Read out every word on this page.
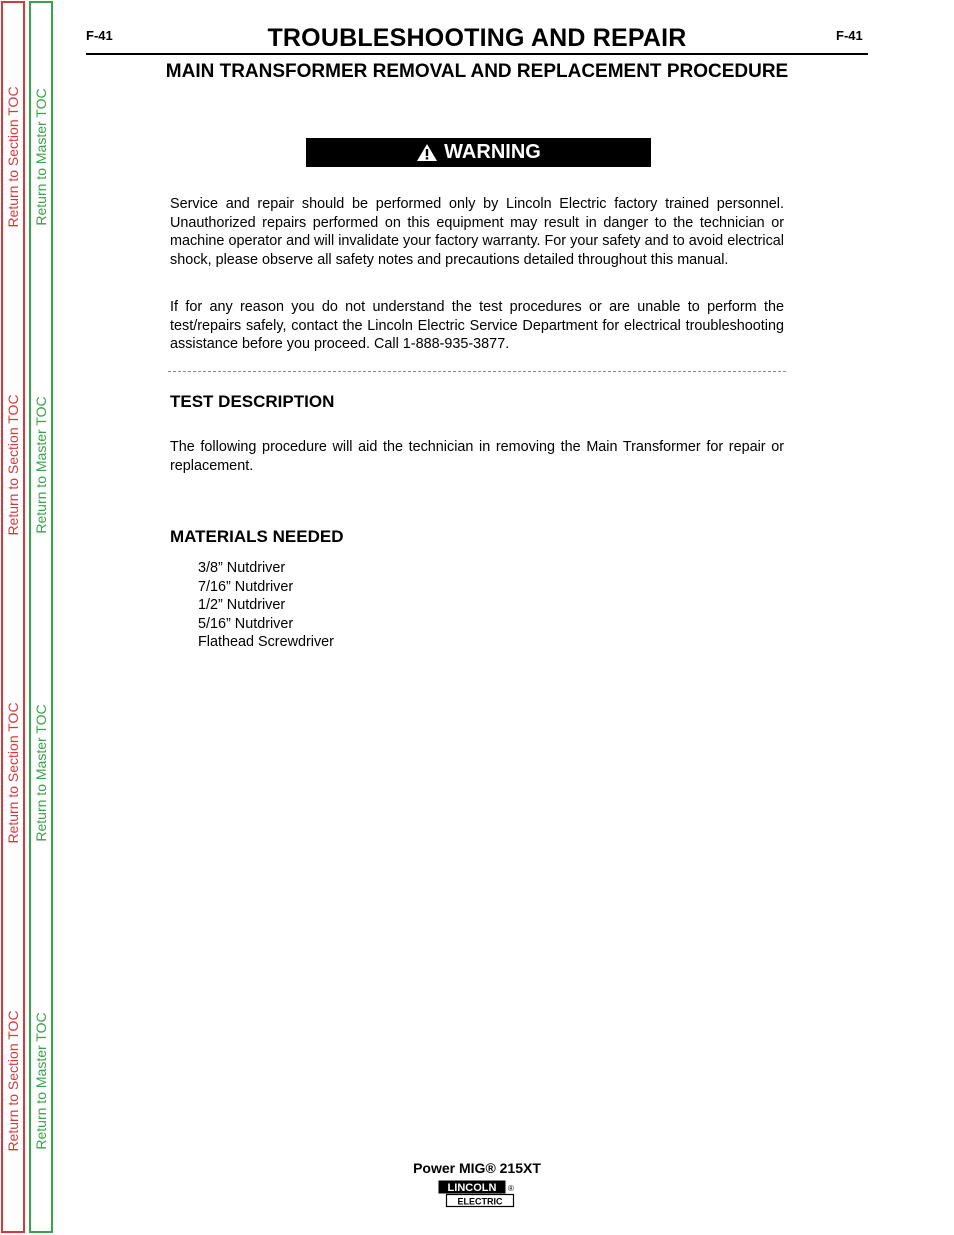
Return to Section TOC
Return to Section TOC
Return to Section TOC
Return to Section TOC
Return to Master TOC
Return to Master TOC
Return to Master TOC
Return to Master TOC
F-41	TROUBLESHOOTING AND REPAIR	F-41
MAIN TRANSFORMER REMOVAL AND REPLACEMENT PROCEDURE
WARNING
Service and repair should be performed only by Lincoln Electric factory trained personnel. Unauthorized repairs performed on this equipment may result in danger to the technician or machine operator and will invalidate your factory warranty. For your safety and to avoid electrical shock, please observe all safety notes and precautions detailed throughout this manual.
If for any reason you do not understand the test procedures or are unable to perform the test/repairs safely, contact the Lincoln Electric Service Department for electrical troubleshooting assistance before you proceed. Call 1-888-935-3877.
TEST DESCRIPTION
The following procedure will aid the technician in removing the Main Transformer for repair or replacement.
MATERIALS NEEDED
3/8” Nutdriver
7/16” Nutdriver
1/2” Nutdriver
5/16” Nutdriver
Flathead Screwdriver
Power MIG® 215XT
LINCOLN ®
ELECTRIC
